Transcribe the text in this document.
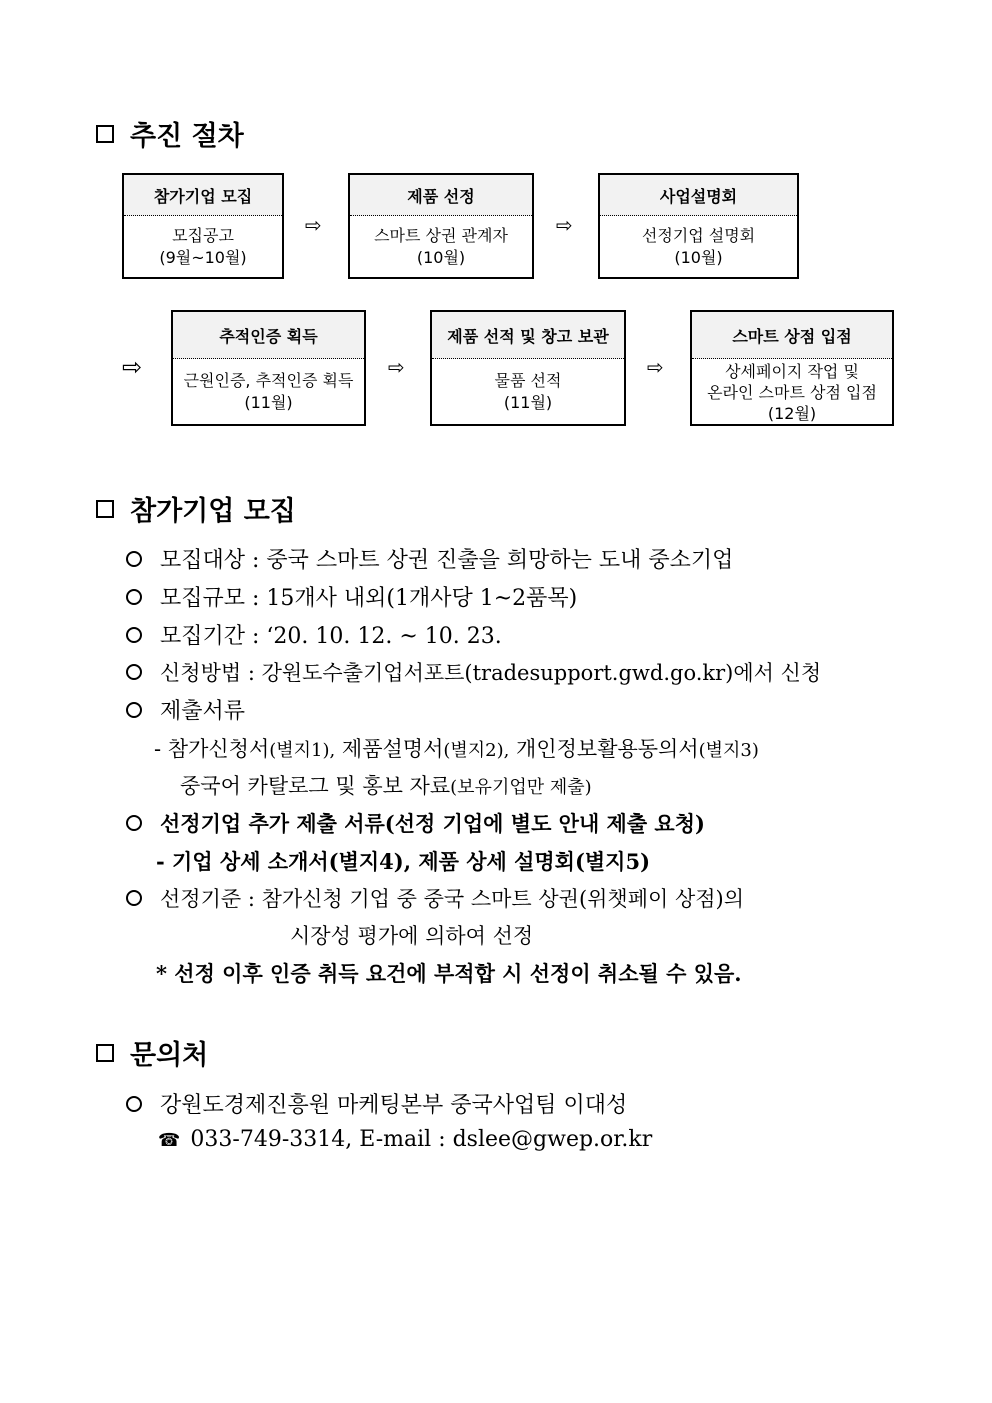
추진 절차
참가기업 모집
모집공고
(9월~10월)
⇨
제품 선정
스마트 상권 관계자
(10월)
⇨
사업설명회
선정기업 설명회
(10월)
⇨
추적인증 획득
근원인증, 추적인증 획득
(11월)
⇨
제품 선적 및 창고 보관
물품 선적
(11월)
⇨
스마트 상점 입점
상세페이지 작업 및
온라인 스마트 상점 입점
(12월)
참가기업 모집
모집대상 : 중국 스마트 상권 진출을 희망하는 도내 중소기업
모집규모 : 15개사 내외(1개사당 1~2품목)
모집기간 : ‘20. 10. 12. ~ 10. 23.
신청방법 : 강원도수출기업서포트(tradesupport.gwd.go.kr)에서 신청
제출서류
- 참가신청서(별지1), 제품설명서(별지2), 개인정보활용동의서(별지3)
중국어 카탈로그 및 홍보 자료(보유기업만 제출)
선정기업 추가 제출 서류(선정 기업에 별도 안내 제출 요청)
- 기업 상세 소개서(별지4), 제품 상세 설명회(별지5)
선정기준 : 참가신청 기업 중 중국 스마트 상권(위챗페이 상점)의
시장성 평가에 의하여 선정
* 선정 이후 인증 취득 요건에 부적합 시 선정이 취소될 수 있음.
문의처
강원도경제진흥원 마케팅본부 중국사업팀 이대성
☎ 033-749-3314, E-mail : dslee@gwep.or.kr
